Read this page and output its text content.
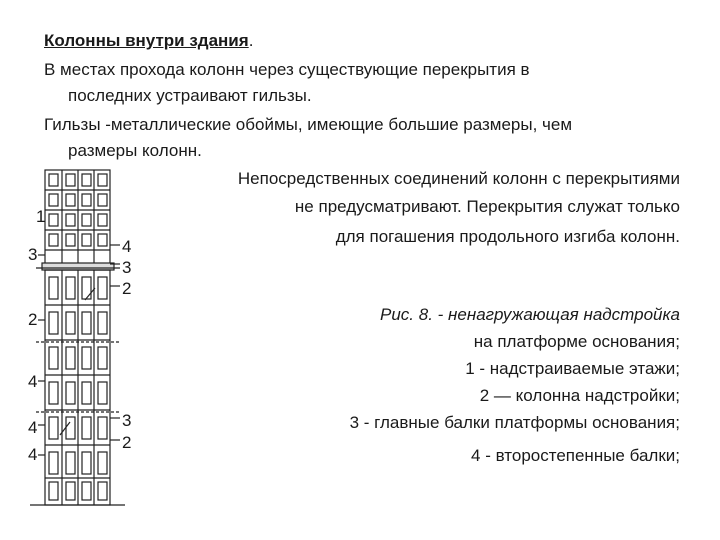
Колонны внутри здания.
В местах прохода колонн через существующие перекрытия в
последних устраивают гильзы.
Гильзы -металлические обоймы, имеющие большие размеры, чем
размеры колонн.
Непосредственных соединений колонн с перекрытиями
не предусматривают. Перекрытия служат только
для погашения продольного изгиба колонн.
Рис. 8. - ненагружающая надстройка
на платформе основания;
1 - надстраиваемые этажи;
2 — колонна надстройки;
3 - главные балки платформы основания;
4 - второстепенные балки;
1
3
2
4
4
4
4
3
2
3
2
